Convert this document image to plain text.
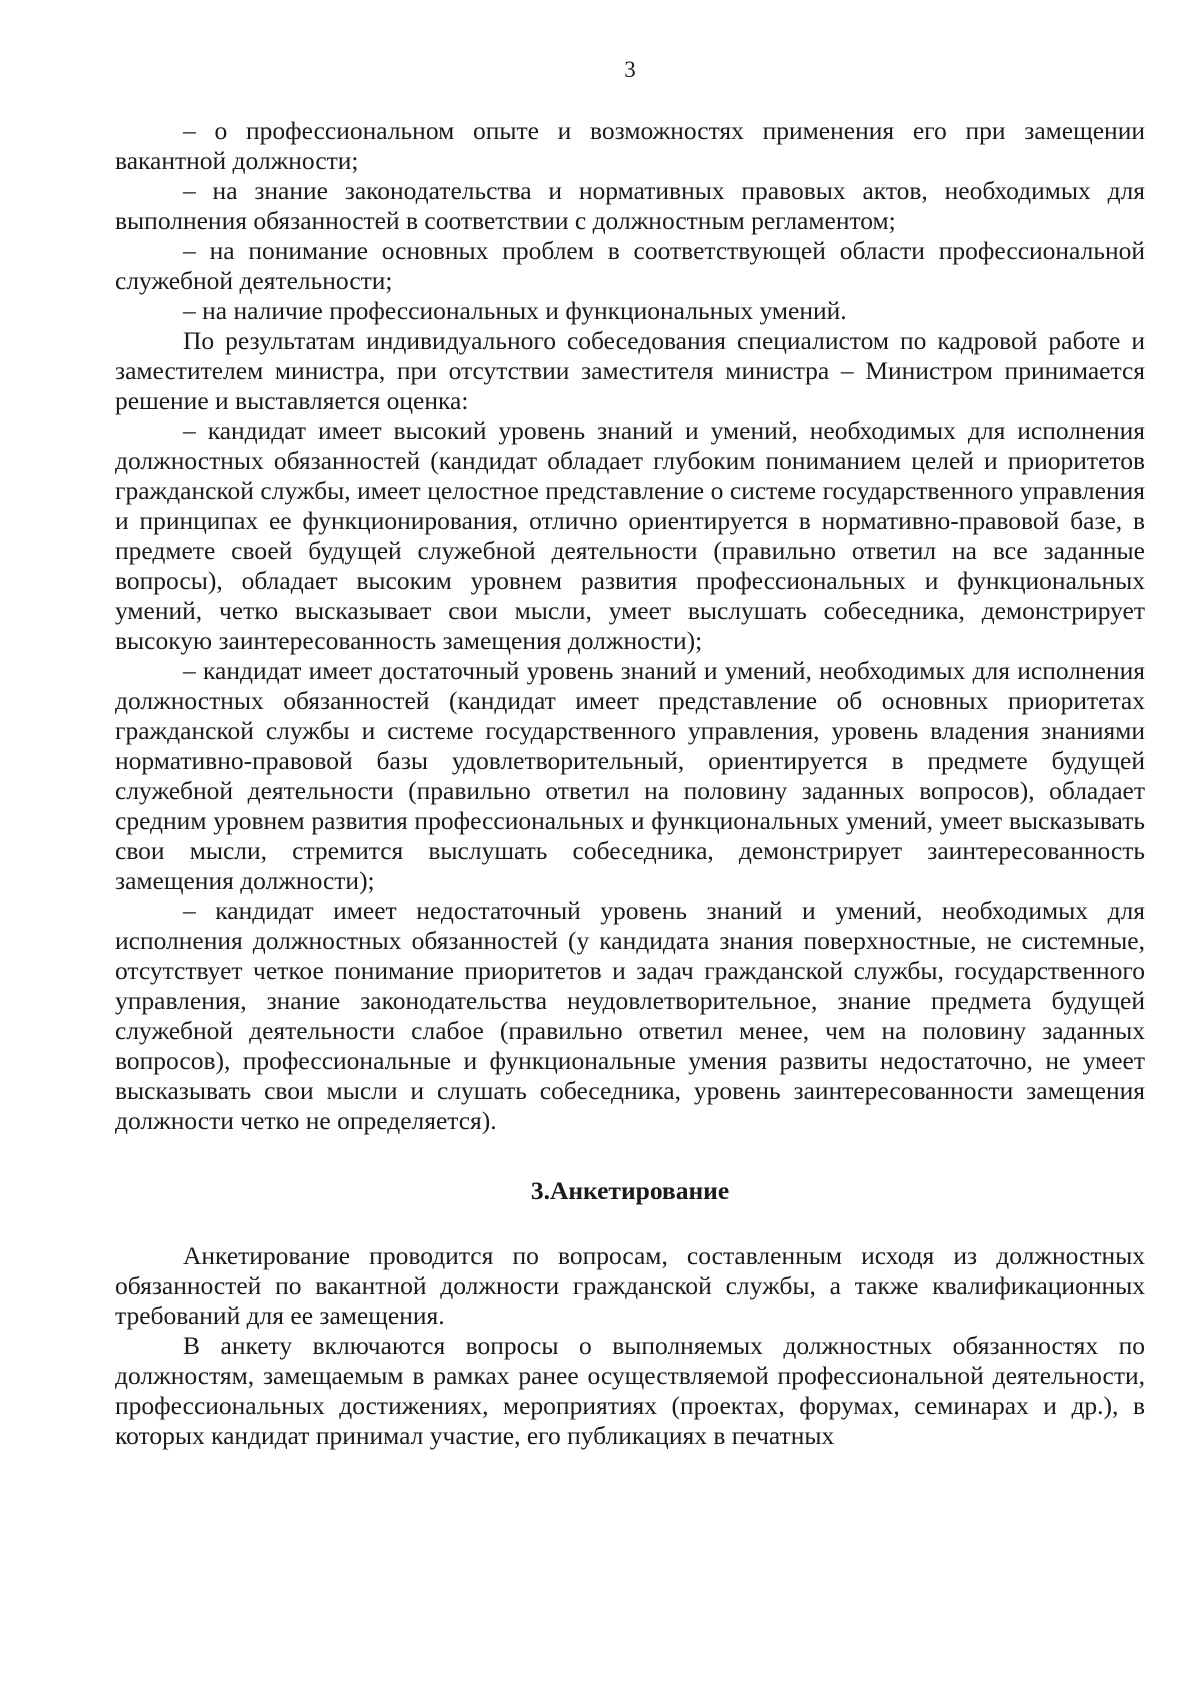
3

– о профессиональном опыте и возможностях применения его при замещении вакантной должности;

– на знание законодательства и нормативных правовых актов, необходимых для выполнения обязанностей в соответствии с должностным регламентом;

– на понимание основных проблем в соответствующей области профессиональной служебной деятельности;

– на наличие профессиональных и функциональных умений.

По результатам индивидуального собеседования специалистом по кадровой работе и заместителем министра, при отсутствии заместителя министра – Министром принимается решение и выставляется оценка:

– кандидат имеет высокий уровень знаний и умений, необходимых для исполнения должностных обязанностей (кандидат обладает глубоким пониманием целей и приоритетов гражданской службы, имеет целостное представление о системе государственного управления и принципах ее функционирования, отлично ориентируется в нормативно-правовой базе, в предмете своей будущей служебной деятельности (правильно ответил на все заданные вопросы), обладает высоким уровнем развития профессиональных и функциональных умений, четко высказывает свои мысли, умеет выслушать собеседника, демонстрирует высокую заинтересованность замещения должности);

– кандидат имеет достаточный уровень знаний и умений, необходимых для исполнения должностных обязанностей (кандидат имеет представление об основных приоритетах гражданской службы и системе государственного управления, уровень владения знаниями нормативно-правовой базы удовлетворительный, ориентируется в предмете будущей служебной деятельности (правильно ответил на половину заданных вопросов), обладает средним уровнем развития профессиональных и функциональных умений, умеет высказывать свои мысли, стремится выслушать собеседника, демонстрирует заинтересованность замещения должности);

– кандидат имеет недостаточный уровень знаний и умений, необходимых для исполнения должностных обязанностей (у кандидата знания поверхностные, не системные, отсутствует четкое понимание приоритетов и задач гражданской службы, государственного управления, знание законодательства неудовлетворительное, знание предмета будущей служебной деятельности слабое (правильно ответил менее, чем на половину заданных вопросов), профессиональные и функциональные умения развиты недостаточно, не умеет высказывать свои мысли и слушать собеседника, уровень заинтересованности замещения должности четко не определяется).

3.Анкетирование

Анкетирование проводится по вопросам, составленным исходя из должностных обязанностей по вакантной должности гражданской службы, а также квалификационных требований для ее замещения.

В анкету включаются вопросы о выполняемых должностных обязанностях по должностям, замещаемым в рамках ранее осуществляемой профессиональной деятельности, профессиональных достижениях, мероприятиях (проектах, форумах, семинарах и др.), в которых кандидат принимал участие, его публикациях в печатных
